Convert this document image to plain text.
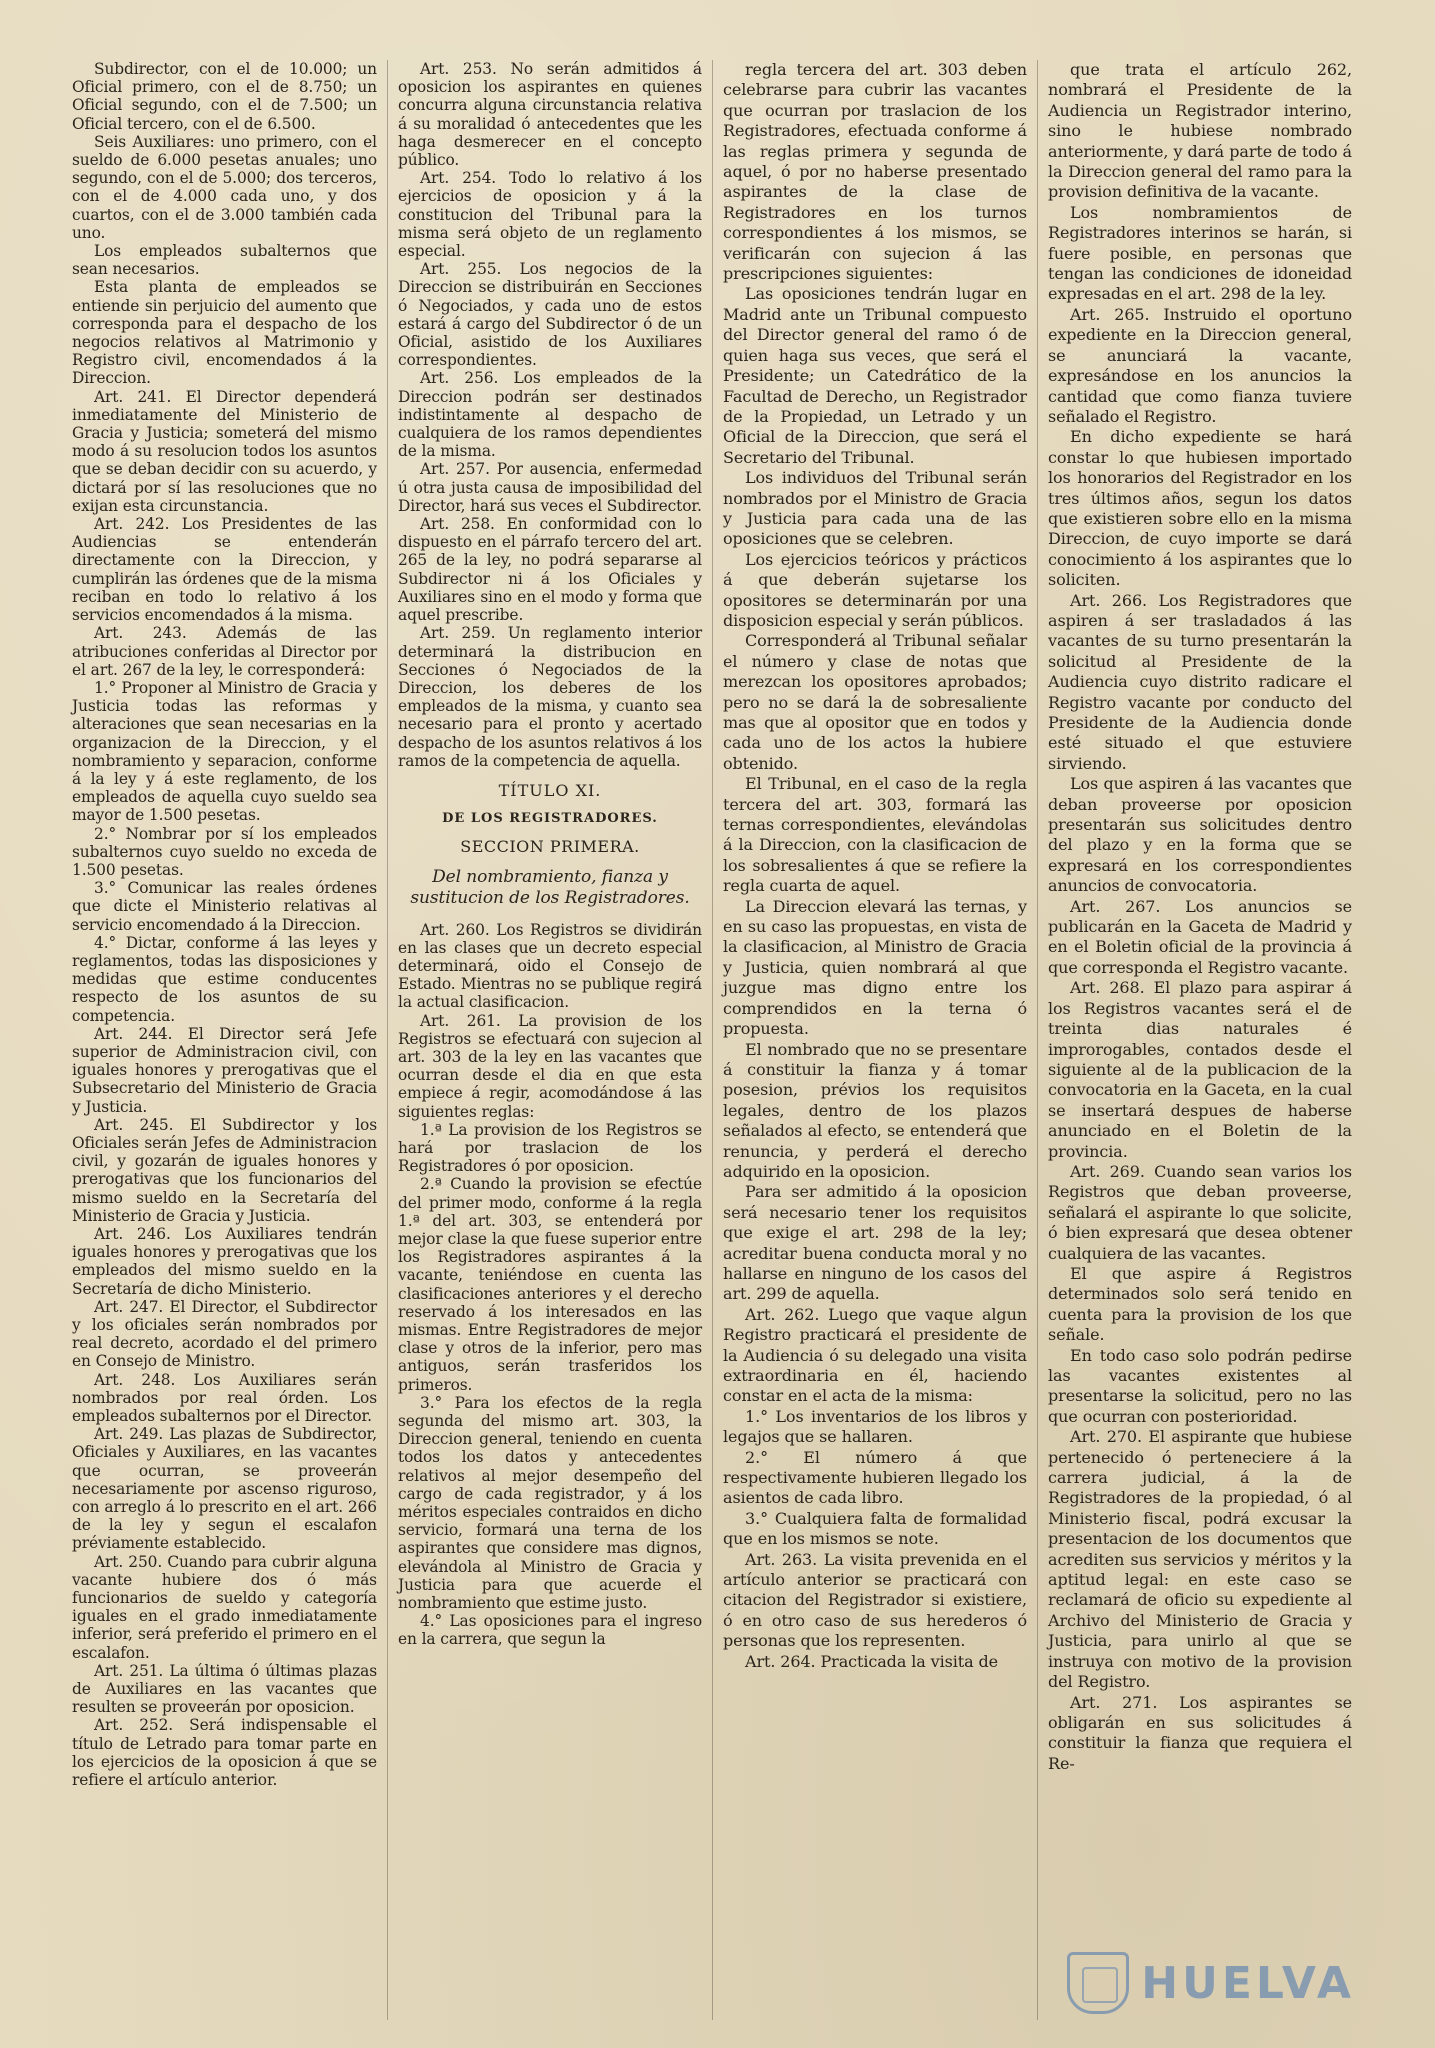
Subdirector, con el de 10.000; un Oficial primero, con el de 8.750; un Oficial segundo, con el de 7.500; un Oficial tercero, con el de 6.500.

Seis Auxiliares: uno primero, con el sueldo de 6.000 pesetas anuales; uno segundo, con el de 5.000; dos terceros, con el de 4.000 cada uno, y dos cuartos, con el de 3.000 también cada uno.

Los empleados subalternos que sean necesarios.

Esta planta de empleados se entiende sin perjuicio del aumento que corresponda para el despacho de los negocios relativos al Matrimonio y Registro civil, encomendados á la Direccion.

Art. 241. El Director dependerá inmediatamente del Ministerio de Gracia y Justicia; someterá del mismo modo á su resolucion todos los asuntos que se deban decidir con su acuerdo, y dictará por sí las resoluciones que no exijan esta circunstancia.

Art. 242. Los Presidentes de las Audiencias se entenderán directamente con la Direccion, y cumplirán las órdenes que de la misma reciban en todo lo relativo á los servicios encomendados á la misma.

Art. 243. Además de las atribuciones conferidas al Director por el art. 267 de la ley, le corresponderá:

1.° Proponer al Ministro de Gracia y Justicia todas las reformas y alteraciones que sean necesarias en la organizacion de la Direccion, y el nombramiento y separacion, conforme á la ley y á este reglamento, de los empleados de aquella cuyo sueldo sea mayor de 1.500 pesetas.

2.° Nombrar por sí los empleados subalternos cuyo sueldo no exceda de 1.500 pesetas.

3.° Comunicar las reales órdenes que dicte el Ministerio relativas al servicio encomendado á la Direccion.

4.° Dictar, conforme á las leyes y reglamentos, todas las disposiciones y medidas que estime conducentes respecto de los asuntos de su competencia.

Art. 244. El Director será Jefe superior de Administracion civil, con iguales honores y prerogativas que el Subsecretario del Ministerio de Gracia y Justicia.

Art. 245. El Subdirector y los Oficiales serán Jefes de Administracion civil, y gozarán de iguales honores y prerogativas que los funcionarios del mismo sueldo en la Secretaría del Ministerio de Gracia y Justicia.

Art. 246. Los Auxiliares tendrán iguales honores y prerogativas que los empleados del mismo sueldo en la Secretaría de dicho Ministerio.

Art. 247. El Director, el Subdirector y los oficiales serán nombrados por real decreto, acordado el del primero en Consejo de Ministro.

Art. 248. Los Auxiliares serán nombrados por real órden. Los empleados subalternos por el Director.

Art. 249. Las plazas de Subdirector, Oficiales y Auxiliares, en las vacantes que ocurran, se proveerán necesariamente por ascenso riguroso, con arreglo á lo prescrito en el art. 266 de la ley y segun el escalafon préviamente establecido.

Art. 250. Cuando para cubrir alguna vacante hubiere dos ó más funcionarios de sueldo y categoría iguales en el grado inmediatamente inferior, será preferido el primero en el escalafon.

Art. 251. La última ó últimas plazas de Auxiliares en las vacantes que resulten se proveerán por oposicion.

Art. 252. Será indispensable el título de Letrado para tomar parte en los ejercicios de la oposicion á que se refiere el artículo anterior.

Art. 253. No serán admitidos á oposicion los aspirantes en quienes concurra alguna circunstancia relativa á su moralidad ó antecedentes que les haga desmerecer en el concepto público.

Art. 254. Todo lo relativo á los ejercicios de oposicion y á la constitucion del Tribunal para la misma será objeto de un reglamento especial.

Art. 255. Los negocios de la Direccion se distribuirán en Secciones ó Negociados, y cada uno de estos estará á cargo del Subdirector ó de un Oficial, asistido de los Auxiliares correspondientes.

Art. 256. Los empleados de la Direccion podrán ser destinados indistintamente al despacho de cualquiera de los ramos dependientes de la misma.

Art. 257. Por ausencia, enfermedad ú otra justa causa de imposibilidad del Director, hará sus veces el Subdirector.

Art. 258. En conformidad con lo dispuesto en el párrafo tercero del art. 265 de la ley, no podrá separarse al Subdirector ni á los Oficiales y Auxiliares sino en el modo y forma que aquel prescribe.

Art. 259. Un reglamento interior determinará la distribucion en Secciones ó Negociados de la Direccion, los deberes de los empleados de la misma, y cuanto sea necesario para el pronto y acertado despacho de los asuntos relativos á los ramos de la competencia de aquella.

TÍTULO XI.

DE LOS REGISTRADORES.

SECCION PRIMERA.

Del nombramiento, fianza y sustitucion de los Registradores.

Art. 260. Los Registros se dividirán en las clases que un decreto especial determinará, oido el Consejo de Estado. Mientras no se publique regirá la actual clasificacion.

Art. 261. La provision de los Registros se efectuará con sujecion al art. 303 de la ley en las vacantes que ocurran desde el dia en que esta empiece á regir, acomodándose á las siguientes reglas:

1.ª La provision de los Registros se hará por traslacion de los Registradores ó por oposicion.

2.ª Cuando la provision se efectúe del primer modo, conforme á la regla 1.ª del art. 303, se entenderá por mejor clase la que fuese superior entre los Registradores aspirantes á la vacante, teniéndose en cuenta las clasificaciones anteriores y el derecho reservado á los interesados en las mismas. Entre Registradores de mejor clase y otros de la inferior, pero mas antiguos, serán trasferidos los primeros.

3.° Para los efectos de la regla segunda del mismo art. 303, la Direccion general, teniendo en cuenta todos los datos y antecedentes relativos al mejor desempeño del cargo de cada registrador, y á los méritos especiales contraidos en dicho servicio, formará una terna de los aspirantes que considere mas dignos, elevándola al Ministro de Gracia y Justicia para que acuerde el nombramiento que estime justo.

4.° Las oposiciones para el ingreso en la carrera, que segun la

regla tercera del art. 303 deben celebrarse para cubrir las vacantes que ocurran por traslacion de los Registradores, efectuada conforme á las reglas primera y segunda de aquel, ó por no haberse presentado aspirantes de la clase de Registradores en los turnos correspondientes á los mismos, se verificarán con sujecion á las prescripciones siguientes:

Las oposiciones tendrán lugar en Madrid ante un Tribunal compuesto del Director general del ramo ó de quien haga sus veces, que será el Presidente; un Catedrático de la Facultad de Derecho, un Registrador de la Propiedad, un Letrado y un Oficial de la Direccion, que será el Secretario del Tribunal.

Los individuos del Tribunal serán nombrados por el Ministro de Gracia y Justicia para cada una de las oposiciones que se celebren.

Los ejercicios teóricos y prácticos á que deberán sujetarse los opositores se determinarán por una disposicion especial y serán públicos.

Corresponderá al Tribunal señalar el número y clase de notas que merezcan los opositores aprobados; pero no se dará la de sobresaliente mas que al opositor que en todos y cada uno de los actos la hubiere obtenido.

El Tribunal, en el caso de la regla tercera del art. 303, formará las ternas correspondientes, elevándolas á la Direccion, con la clasificacion de los sobresalientes á que se refiere la regla cuarta de aquel.

La Direccion elevará las ternas, y en su caso las propuestas, en vista de la clasificacion, al Ministro de Gracia y Justicia, quien nombrará al que juzgue mas digno entre los comprendidos en la terna ó propuesta.

El nombrado que no se presentare á constituir la fianza y á tomar posesion, prévios los requisitos legales, dentro de los plazos señalados al efecto, se entenderá que renuncia, y perderá el derecho adquirido en la oposicion.

Para ser admitido á la oposicion será necesario tener los requisitos que exige el art. 298 de la ley; acreditar buena conducta moral y no hallarse en ninguno de los casos del art. 299 de aquella.

Art. 262. Luego que vaque algun Registro practicará el presidente de la Audiencia ó su delegado una visita extraordinaria en él, haciendo constar en el acta de la misma:

1.° Los inventarios de los libros y legajos que se hallaren.

2.° El número á que respectivamente hubieren llegado los asientos de cada libro.

3.° Cualquiera falta de formalidad que en los mismos se note.

Art. 263. La visita prevenida en el artículo anterior se practicará con citacion del Registrador si existiere, ó en otro caso de sus herederos ó personas que los representen.

Art. 264. Practicada la visita de

que trata el artículo 262, nombrará el Presidente de la Audiencia un Registrador interino, sino le hubiese nombrado anteriormente, y dará parte de todo á la Direccion general del ramo para la provision definitiva de la vacante.

Los nombramientos de Registradores interinos se harán, si fuere posible, en personas que tengan las condiciones de idoneidad expresadas en el art. 298 de la ley.

Art. 265. Instruido el oportuno expediente en la Direccion general, se anunciará la vacante, expresándose en los anuncios la cantidad que como fianza tuviere señalado el Registro.

En dicho expediente se hará constar lo que hubiesen importado los honorarios del Registrador en los tres últimos años, segun los datos que existieren sobre ello en la misma Direccion, de cuyo importe se dará conocimiento á los aspirantes que lo soliciten.

Art. 266. Los Registradores que aspiren á ser trasladados á las vacantes de su turno presentarán la solicitud al Presidente de la Audiencia cuyo distrito radicare el Registro vacante por conducto del Presidente de la Audiencia donde esté situado el que estuviere sirviendo.

Los que aspiren á las vacantes que deban proveerse por oposicion presentarán sus solicitudes dentro del plazo y en la forma que se expresará en los correspondientes anuncios de convocatoria.

Art. 267. Los anuncios se publicarán en la Gaceta de Madrid y en el Boletin oficial de la provincia á que corresponda el Registro vacante.

Art. 268. El plazo para aspirar á los Registros vacantes será el de treinta dias naturales é improrogables, contados desde el siguiente al de la publicacion de la convocatoria en la Gaceta, en la cual se insertará despues de haberse anunciado en el Boletin de la provincia.

Art. 269. Cuando sean varios los Registros que deban proveerse, señalará el aspirante lo que solicite, ó bien expresará que desea obtener cualquiera de las vacantes.

El que aspire á Registros determinados solo será tenido en cuenta para la provision de los que señale.

En todo caso solo podrán pedirse las vacantes existentes al presentarse la solicitud, pero no las que ocurran con posterioridad.

Art. 270. El aspirante que hubiese pertenecido ó perteneciere á la carrera judicial, á la de Registradores de la propiedad, ó al Ministerio fiscal, podrá excusar la presentacion de los documentos que acrediten sus servicios y méritos y la aptitud legal: en este caso se reclamará de oficio su expediente al Archivo del Ministerio de Gracia y Justicia, para unirlo al que se instruya con motivo de la provision del Registro.

Art. 271. Los aspirantes se obligarán en sus solicitudes á constituir la fianza que requiera el Re-

HUELVA
